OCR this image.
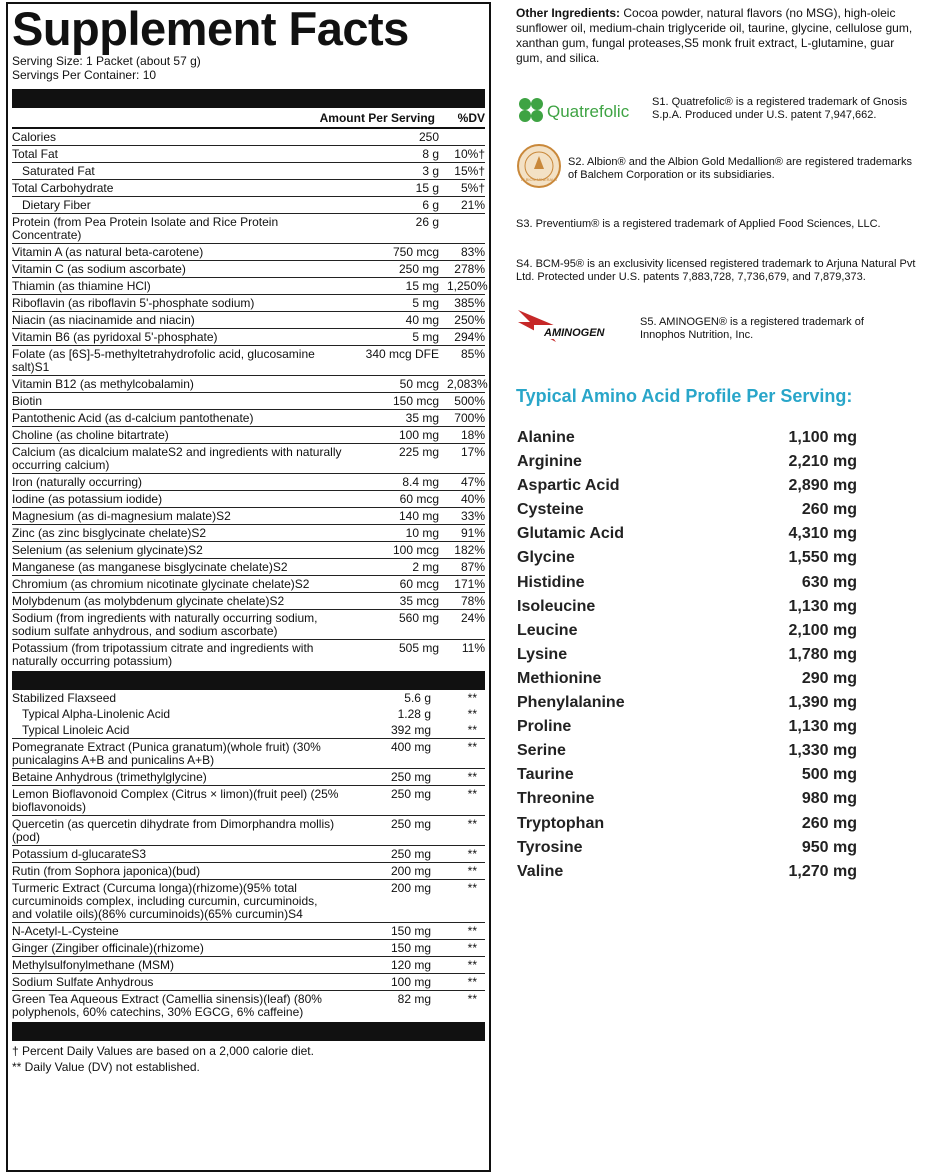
Supplement Facts
Serving Size: 1 Packet (about 57 g)
Servings Per Container: 10
Amount Per Serving	%DV
Calories	250
Total Fat	8 g	10%†
Saturated Fat	3 g	15%†
Total Carbohydrate	15 g	5%†
Dietary Fiber	6 g	21%
Protein (from Pea Protein Isolate and Rice Protein Concentrate)
26 g
Vitamin A (as natural beta-carotene)	750 mcg	83%
Vitamin C (as sodium ascorbate)	250 mg	278%
Thiamin (as thiamine HCl)	15 mg 1,250%
Riboflavin (as riboflavin 5'-phosphate sodium)	5 mg	385%
Niacin (as niacinamide and niacin)	40 mg	250%
Vitamin B6 (as pyridoxal 5'-phosphate)	5 mg	294%
Folate (as [6S]-5-methyltetrahydrofolic acid, glucosamine salt)S1
340 mcg DFE	85%
Vitamin B12 (as methylcobalamin)	50 mcg 2,083%
Biotin	150 mcg	500%
Pantothenic Acid (as d-calcium pantothenate)	35 mg	700%
Choline (as choline bitartrate)	100 mg	18%
Calcium (as dicalcium malateS2 and ingredients with naturally occurring calcium)
225 mg	17%
Iron (naturally occurring)	8.4 mg	47%
Iodine (as potassium iodide)	60 mcg	40%
Magnesium (as di-magnesium malate)S2	140 mg	33%
Zinc (as zinc bisglycinate chelate)S2	10 mg	91%
Selenium (as selenium glycinate)S2	100 mcg	182%
Manganese (as manganese bisglycinate chelate)S2	2 mg	87%
Chromium (as chromium nicotinate glycinate chelate)S2	60 mcg	171%
Molybdenum (as molybdenum glycinate chelate)S2	35 mcg	78%
Sodium (from ingredients with naturally occurring sodium, sodium sulfate anhydrous, and sodium ascorbate)
560 mg	24%
Potassium (from tripotassium citrate and ingredients with naturally occurring potassium)
505 mg	11%
Stabilized Flaxseed	5.6 g	**
Typical Alpha-Linolenic Acid	1.28 g	**
Typical Linoleic Acid	392 mg	**
Pomegranate Extract (Punica granatum)(whole fruit) (30% punicalagins A+B and punicalins A+B)
400 mg	**
Betaine Anhydrous (trimethylglycine)	250 mg	**
Lemon Bioflavonoid Complex (Citrus × limon)(fruit peel) (25% bioflavonoids)
250 mg	**
Quercetin (as quercetin dihydrate from Dimorphandra mollis)(pod)
250 mg	**
Potassium d-glucarateS3	250 mg	**
Rutin (from Sophora japonica)(bud)	200 mg	**
Turmeric Extract (Curcuma longa)(rhizome)(95% total curcuminoids complex, including curcumin, curcuminoids, and volatile oils)(86% curcuminoids)(65% curcumin)S4
200 mg	**
N-Acetyl-L-Cysteine	150 mg	**
Ginger (Zingiber officinale)(rhizome)	150 mg	**
Methylsulfonylmethane (MSM)	120 mg	**
Sodium Sulfate Anhydrous	100 mg	**
Green Tea Aqueous Extract (Camellia sinensis)(leaf) (80% polyphenols, 60% catechins, 30% EGCG, 6% caffeine)
82 mg	**
† Percent Daily Values are based on a 2,000 calorie diet.
** Daily Value (DV) not established.
Other Ingredients: Cocoa powder, natural flavors (no MSG), high-oleic sunflower oil, medium-chain triglyceride oil, taurine, glycine, cellulose gum, xanthan gum, fungal proteases,S5 monk fruit extract, L-glutamine, guar gum, and silica.
Quatrefolic S1. Quatrefolic® is a registered trademark of Gnosis S.p.A. Produced under U.S. patent 7,947,662.
ALBION MINERALS
S2. Albion® and the Albion Gold Medallion® are registered trademarks of Balchem Corporation or its subsidiaries.
S3. Preventium® is a registered trademark of Applied Food Sciences, LLC.
S4. BCM-95® is an exclusivity licensed registered trademark to Arjuna Natural Pvt Ltd. Protected under U.S. patents 7,883,728, 7,736,679, and 7,879,373.
AMINOGEN
S5. AMINOGEN® is a registered trademark of Innophos Nutrition, Inc.
Typical Amino Acid Profile Per Serving:
Alanine	1,100 mg
Arginine	2,210 mg
Aspartic Acid	2,890 mg
Cysteine	260 mg
Glutamic Acid	4,310 mg
Glycine	1,550 mg
Histidine	630 mg
Isoleucine	1,130 mg
Leucine	2,100 mg
Lysine	1,780 mg
Methionine	290 mg
Phenylalanine	1,390 mg
Proline	1,130 mg
Serine	1,330 mg
Taurine	500 mg
Threonine	980 mg
Tryptophan	260 mg
Tyrosine	950 mg
Valine	1,270 mg
